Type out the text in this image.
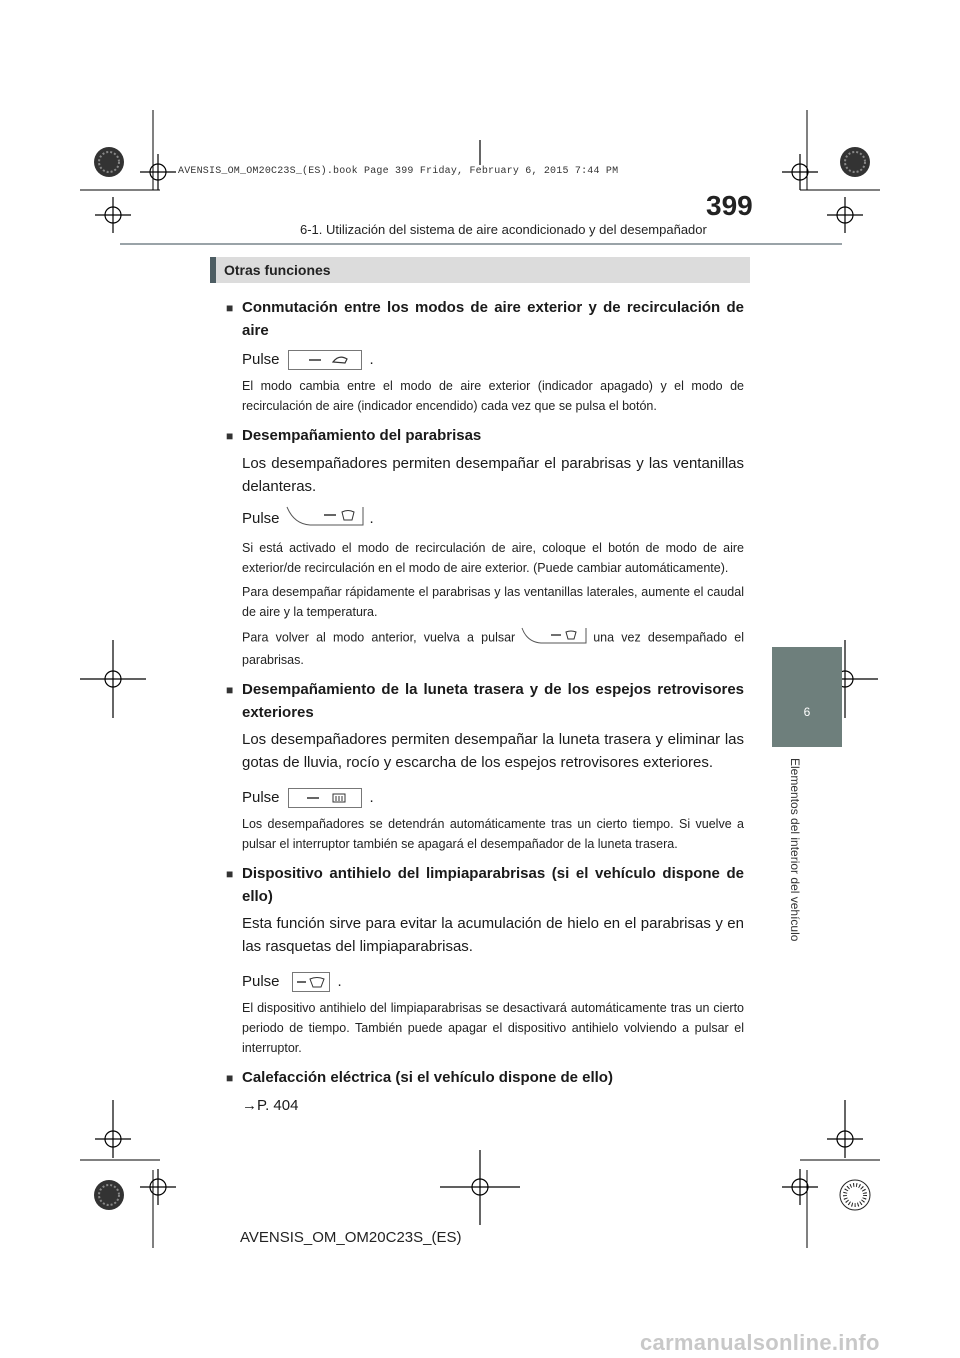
AVENSIS_OM_OM20C23S_(ES).book Page 399 Friday, February 6, 2015 7:44 PM
6-1. Utilización del sistema de aire acondicionado y del desempañador
399
6
Elementos del interior del vehículo
Otras funciones
■ Conmutación entre los modos de aire exterior y de recirculación de aire
Pulse	.
El modo cambia entre el modo de aire exterior (indicador apagado) y el modo de recirculación de aire (indicador encendido) cada vez que se pulsa el botón.
■ Desempañamiento del parabrisas
Los desempañadores permiten desempañar el parabrisas y las ventanillas delanteras.
Pulse	.
Si está activado el modo de recirculación de aire, coloque el botón de modo de aire exterior/de recirculación en el modo de aire exterior. (Puede cambiar automáticamente).
Para desempañar rápidamente el parabrisas y las ventanillas laterales, aumente el caudal de aire y la temperatura.
Para volver al modo anterior, vuelva a pulsar	una vez desempañado el parabrisas.
■ Desempañamiento de la luneta trasera y de los espejos retrovisores exteriores
Los desempañadores permiten desempañar la luneta trasera y eliminar las gotas de lluvia, rocío y escarcha de los espejos retrovisores exteriores.
Pulse	.
Los desempañadores se detendrán automáticamente tras un cierto tiempo. Si vuelve a pulsar el interruptor también se apagará el desempañador de la luneta trasera.
■ Dispositivo antihielo del limpiaparabrisas (si el vehículo dispone de ello)
Esta función sirve para evitar la acumulación de hielo en el parabrisas y en las rasquetas del limpiaparabrisas.
Pulse	.
El dispositivo antihielo del limpiaparabrisas se desactivará automáticamente tras un cierto periodo de tiempo. También puede apagar el dispositivo antihielo volviendo a pulsar el interruptor.
■ Calefacción eléctrica (si el vehículo dispone de ello)
→P. 404
AVENSIS_OM_OM20C23S_(ES)
carmanualsonline.info
